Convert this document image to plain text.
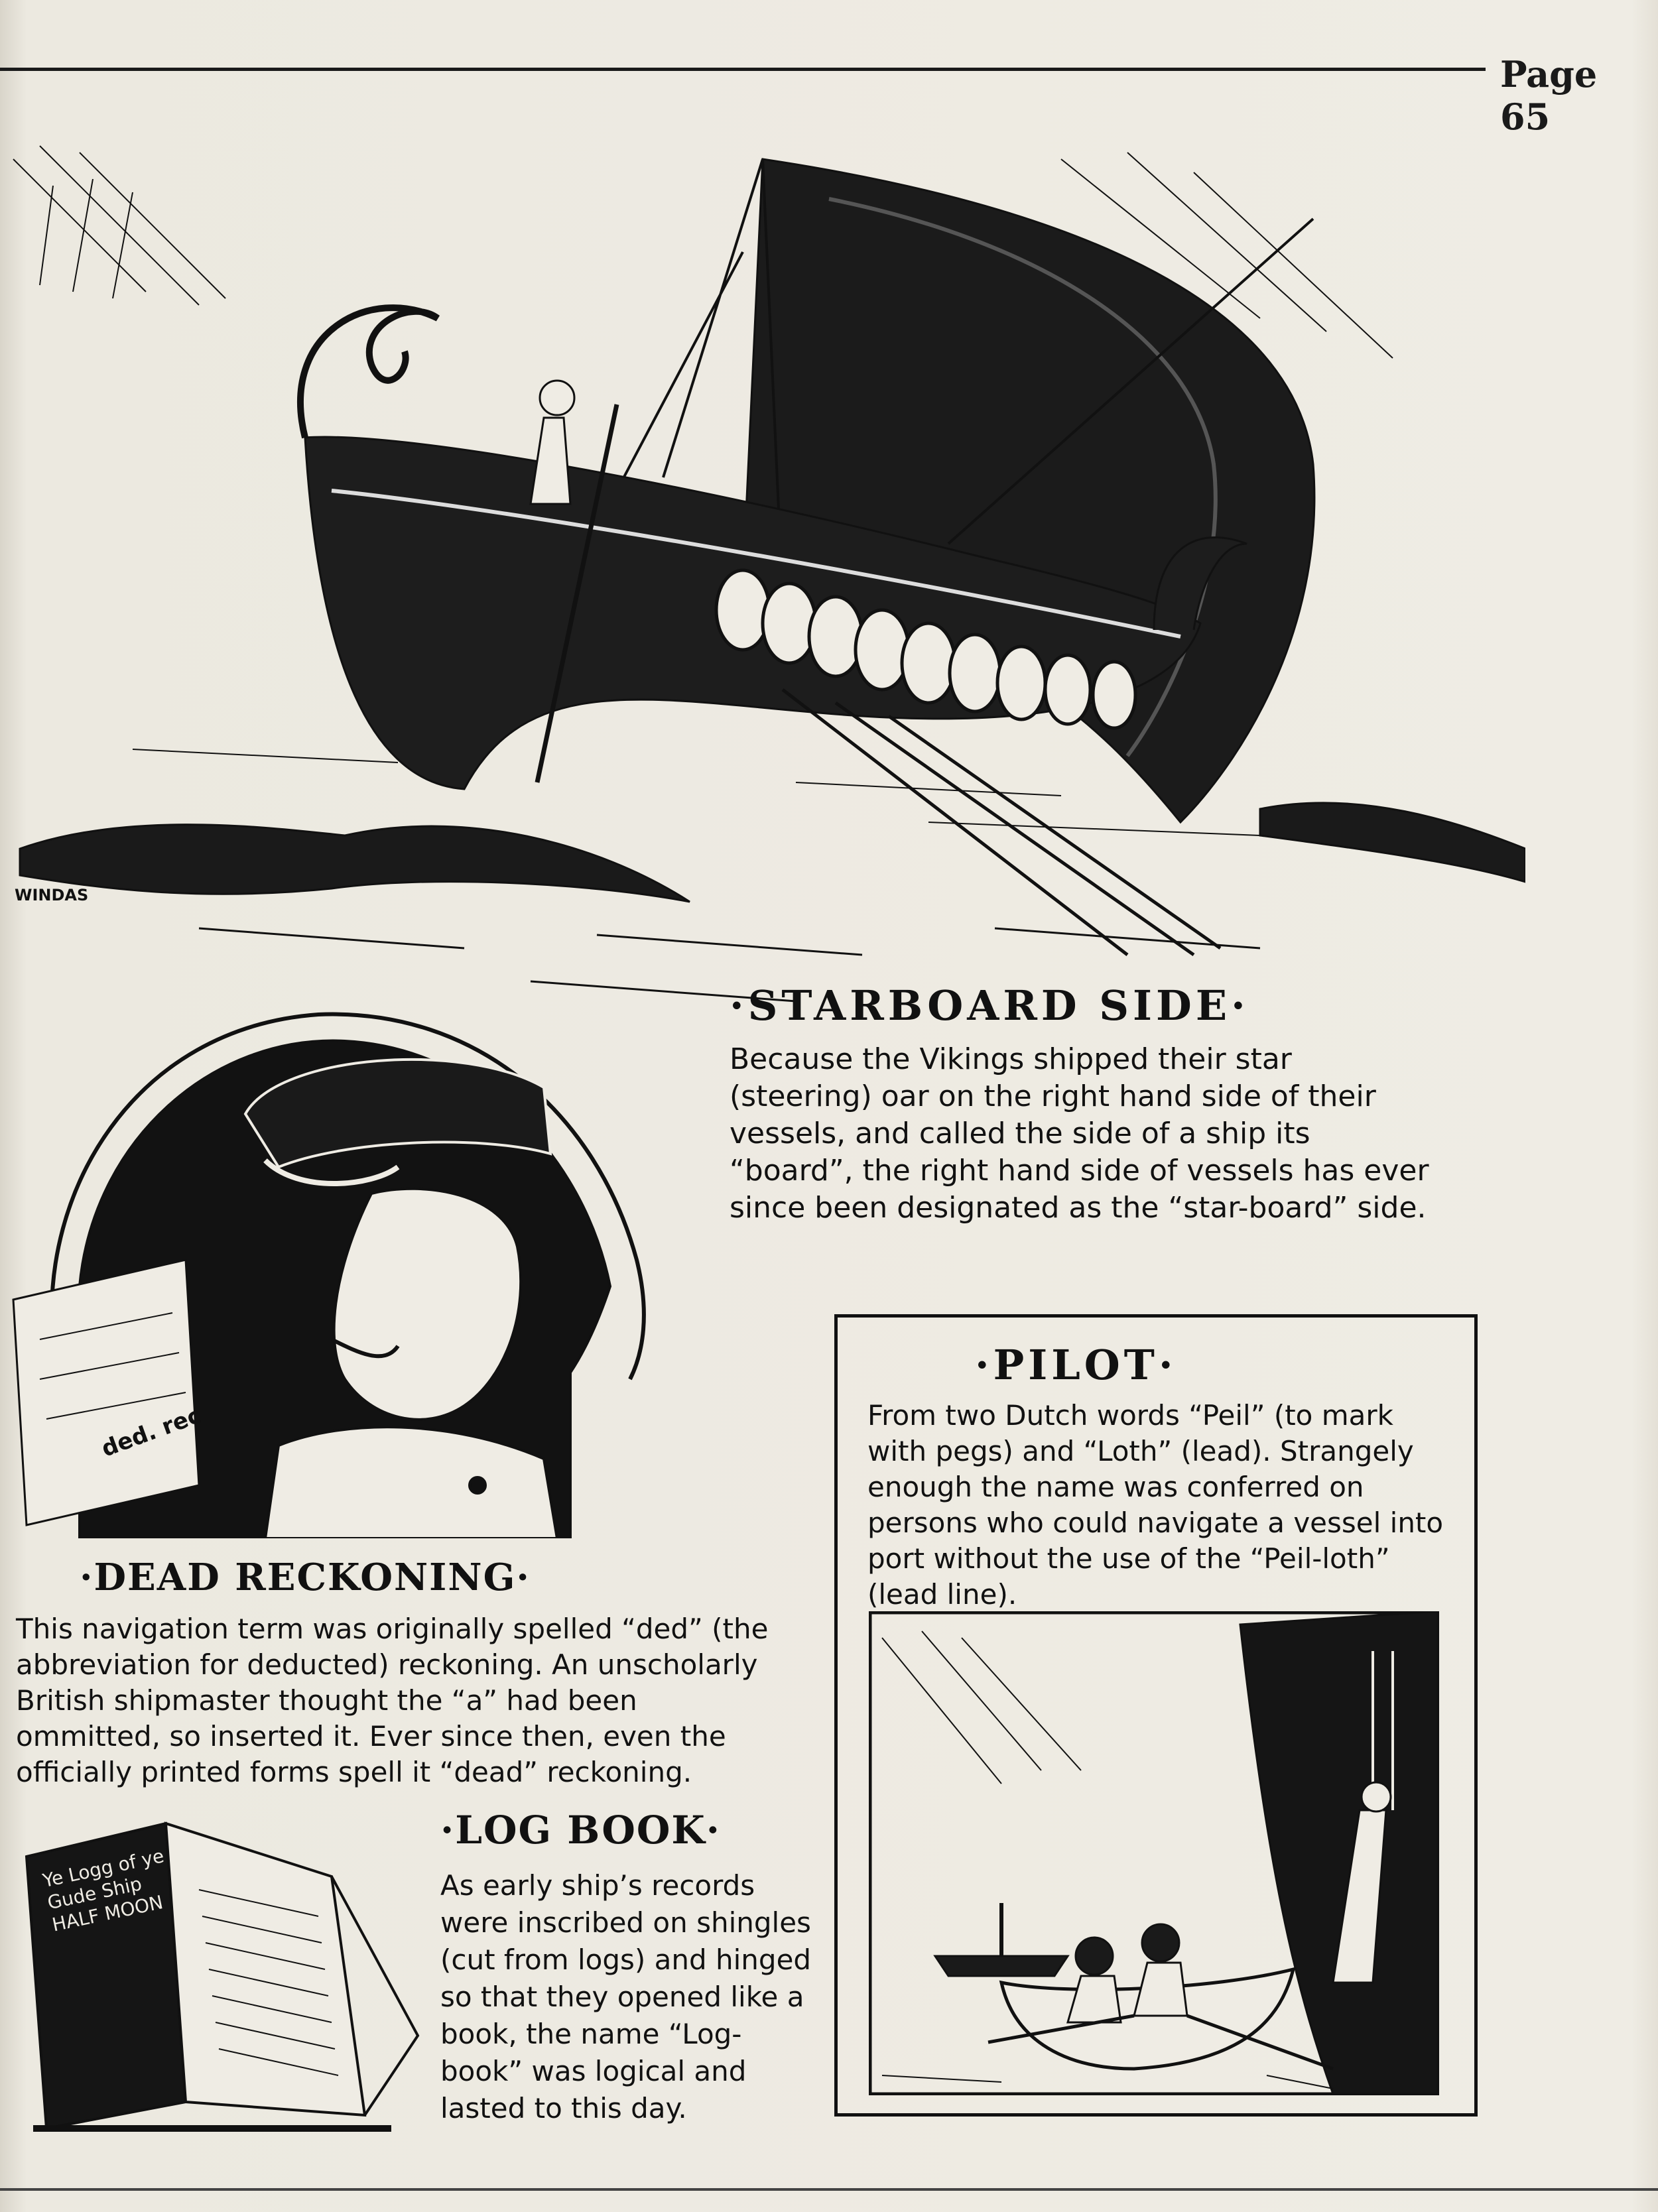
Page 65
WINDAS
·STARBOARD SIDE·

Because the Vikings shipped their star (steering) oar on the right hand side of their vessels, and called the side of a ship its “board”, the right hand side of vessels has ever since been designated as the “star-board” side.

ded. rec
·DEAD RECKONING·

This navigation term was originally spelled “ded” (the abbreviation for deducted) reckoning. An unscholarly British shipmaster thought the “a” had been ommitted, so inserted it. Ever since then, even the officially printed forms spell it “dead” reckoning.

·PILOT·

From two Dutch words “Peil” (to mark with pegs) and “Loth” (lead). Strangely enough the name was conferred on persons who could navigate a vessel into port without the use of the “Peil-loth” (lead line).

·LOG BOOK·

As early ship’s records were inscribed on shingles (cut from logs) and hinged so that they opened like a book, the name “Log-book” was logical and lasted to this day.

Ye Logg of ye Gude Ship HALF MOON
